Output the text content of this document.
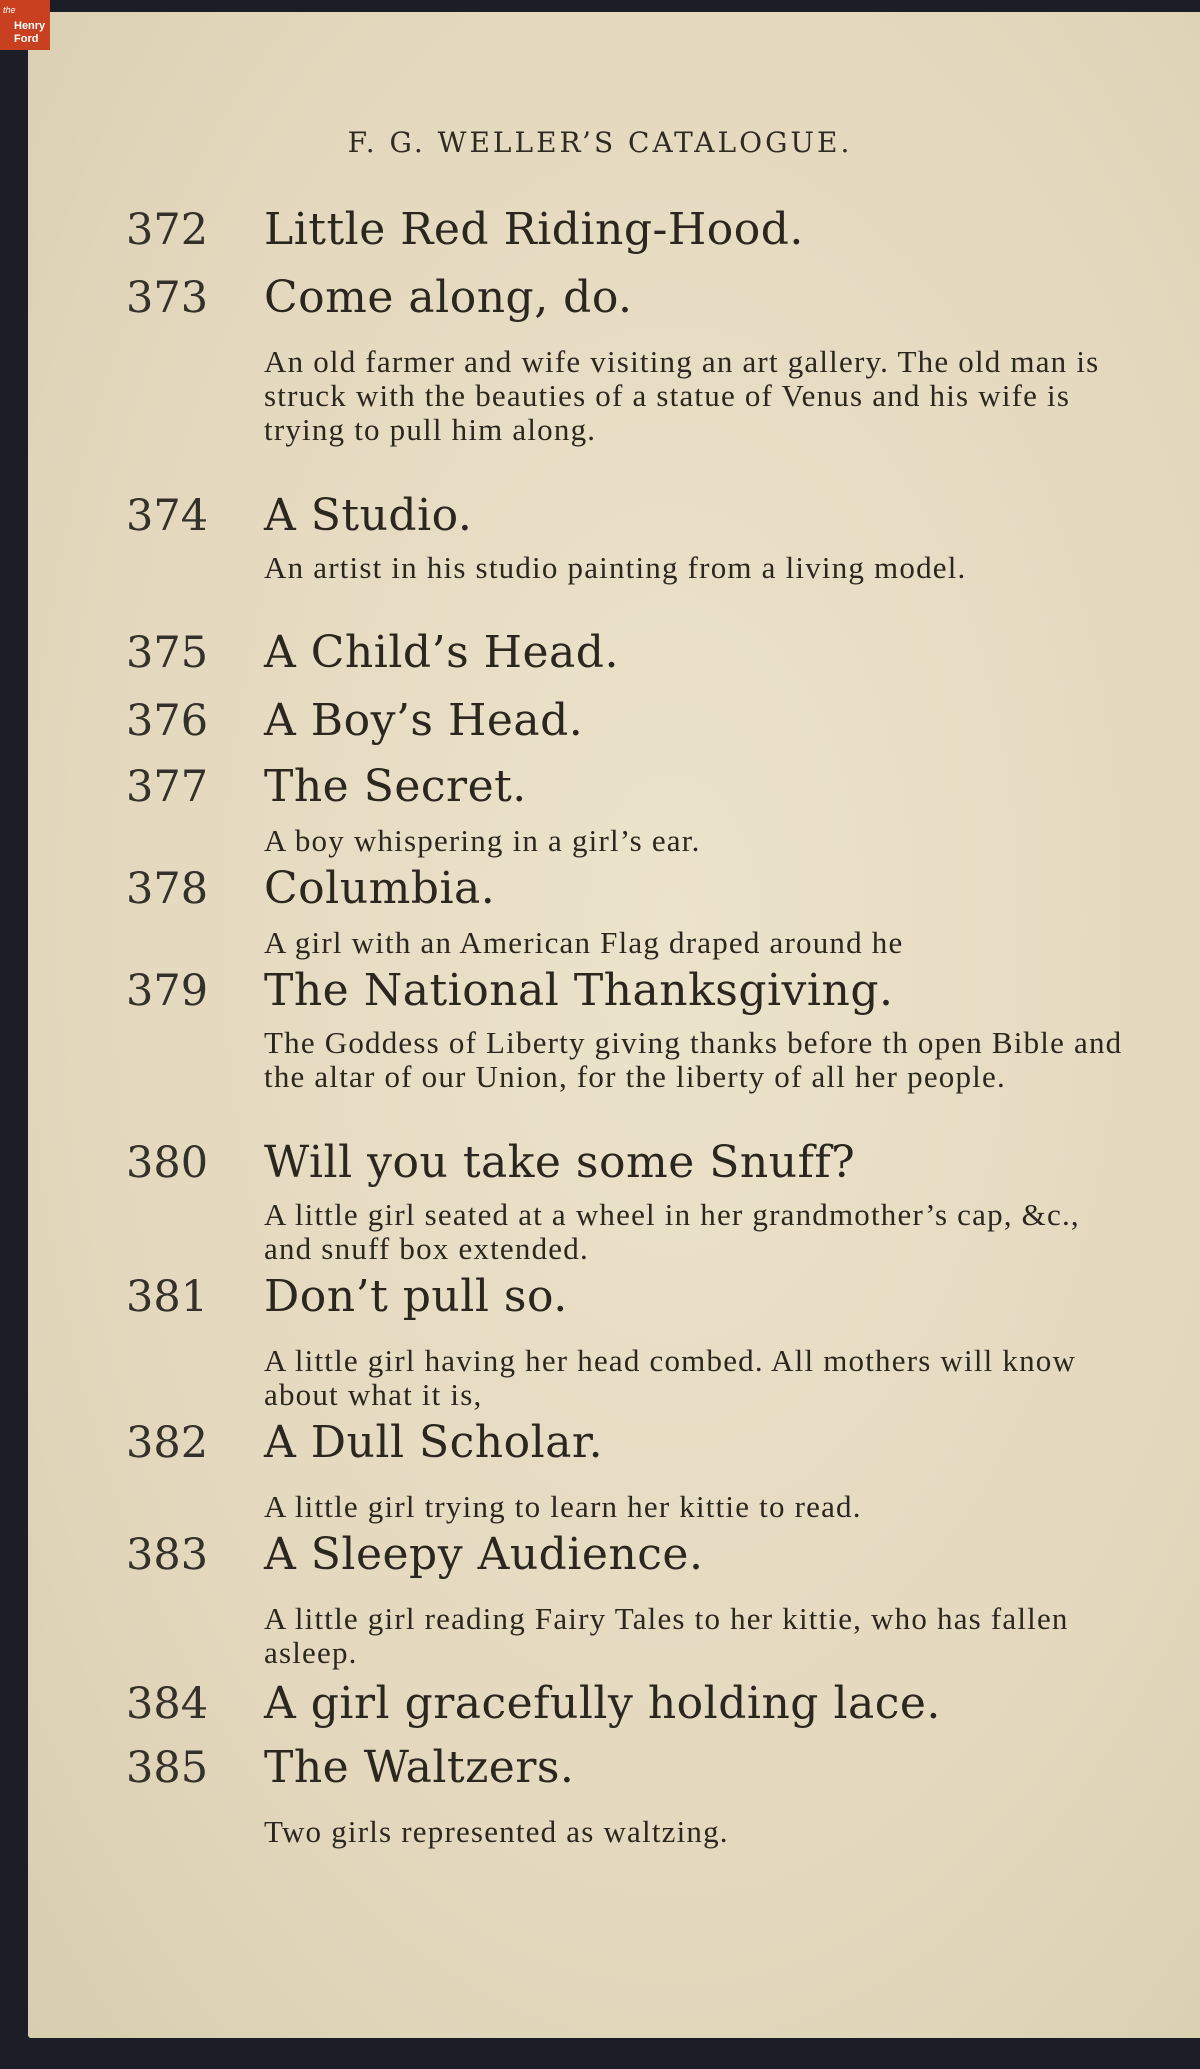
the
Henry
Ford
F. G. WELLER’S CATALOGUE.
372 Little Red Riding-Hood.
373 Come along, do.
An old farmer and wife visiting an art gallery. The old man is struck with the beauties of a statue of Venus and his wife is trying to pull him along.
374 A Studio.
An artist in his studio painting from a living model.
375 A Child’s Head.
376 A Boy’s Head.
377 The Secret.
A boy whispering in a girl’s ear.
378 Columbia.
A girl with an American Flag draped around he
379 The National Thanksgiving.
The Goddess of Liberty giving thanks before th open Bible and the altar of our Union, for the liberty of all her people.
380 Will you take some Snuff?
A little girl seated at a wheel in her grandmother’s cap, &c., and snuff box extended.
381 Don’t pull so.
A little girl having her head combed. All mothers will know about what it is,
382 A Dull Scholar.
A little girl trying to learn her kittie to read.
383 A Sleepy Audience.
A little girl reading Fairy Tales to her kittie, who has fallen asleep.
384 A girl gracefully holding lace.
385 The Waltzers.
Two girls represented as waltzing.
